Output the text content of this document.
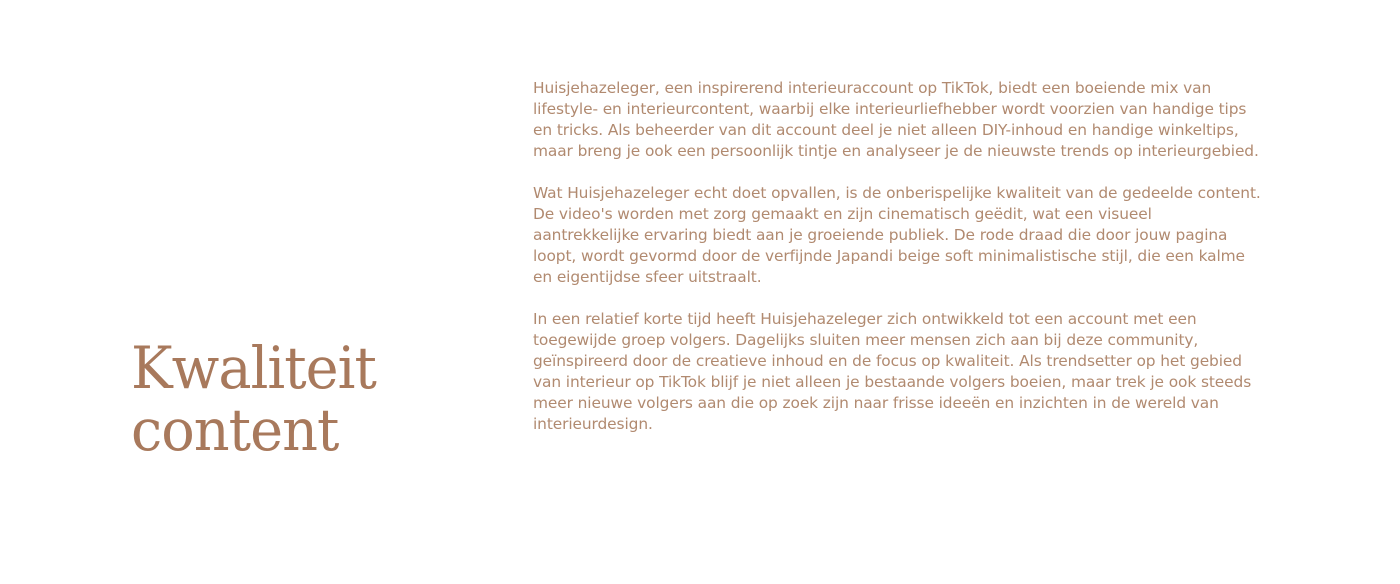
Kwaliteit
content

Huisjehazeleger, een inspirerend interieuraccount op TikTok, biedt een boeiende mix van lifestyle- en interieurcontent, waarbij elke interieurliefhebber wordt voorzien van handige tips en tricks. Als beheerder van dit account deel je niet alleen DIY-inhoud en handige winkeltips, maar breng je ook een persoonlijk tintje en analyseer je de nieuwste trends op interieurgebied.

Wat Huisjehazeleger echt doet opvallen, is de onberispelijke kwaliteit van de gedeelde content. De video's worden met zorg gemaakt en zijn cinematisch geëdit, wat een visueel aantrekkelijke ervaring biedt aan je groeiende publiek. De rode draad die door jouw pagina loopt, wordt gevormd door de verfijnde Japandi beige soft minimalistische stijl, die een kalme en eigentijdse sfeer uitstraalt.

In een relatief korte tijd heeft Huisjehazeleger zich ontwikkeld tot een account met een toegewijde groep volgers. Dagelijks sluiten meer mensen zich aan bij deze community, geïnspireerd door de creatieve inhoud en de focus op kwaliteit. Als trendsetter op het gebied van interieur op TikTok blijf je niet alleen je bestaande volgers boeien, maar trek je ook steeds meer nieuwe volgers aan die op zoek zijn naar frisse ideeën en inzichten in de wereld van interieurdesign.
